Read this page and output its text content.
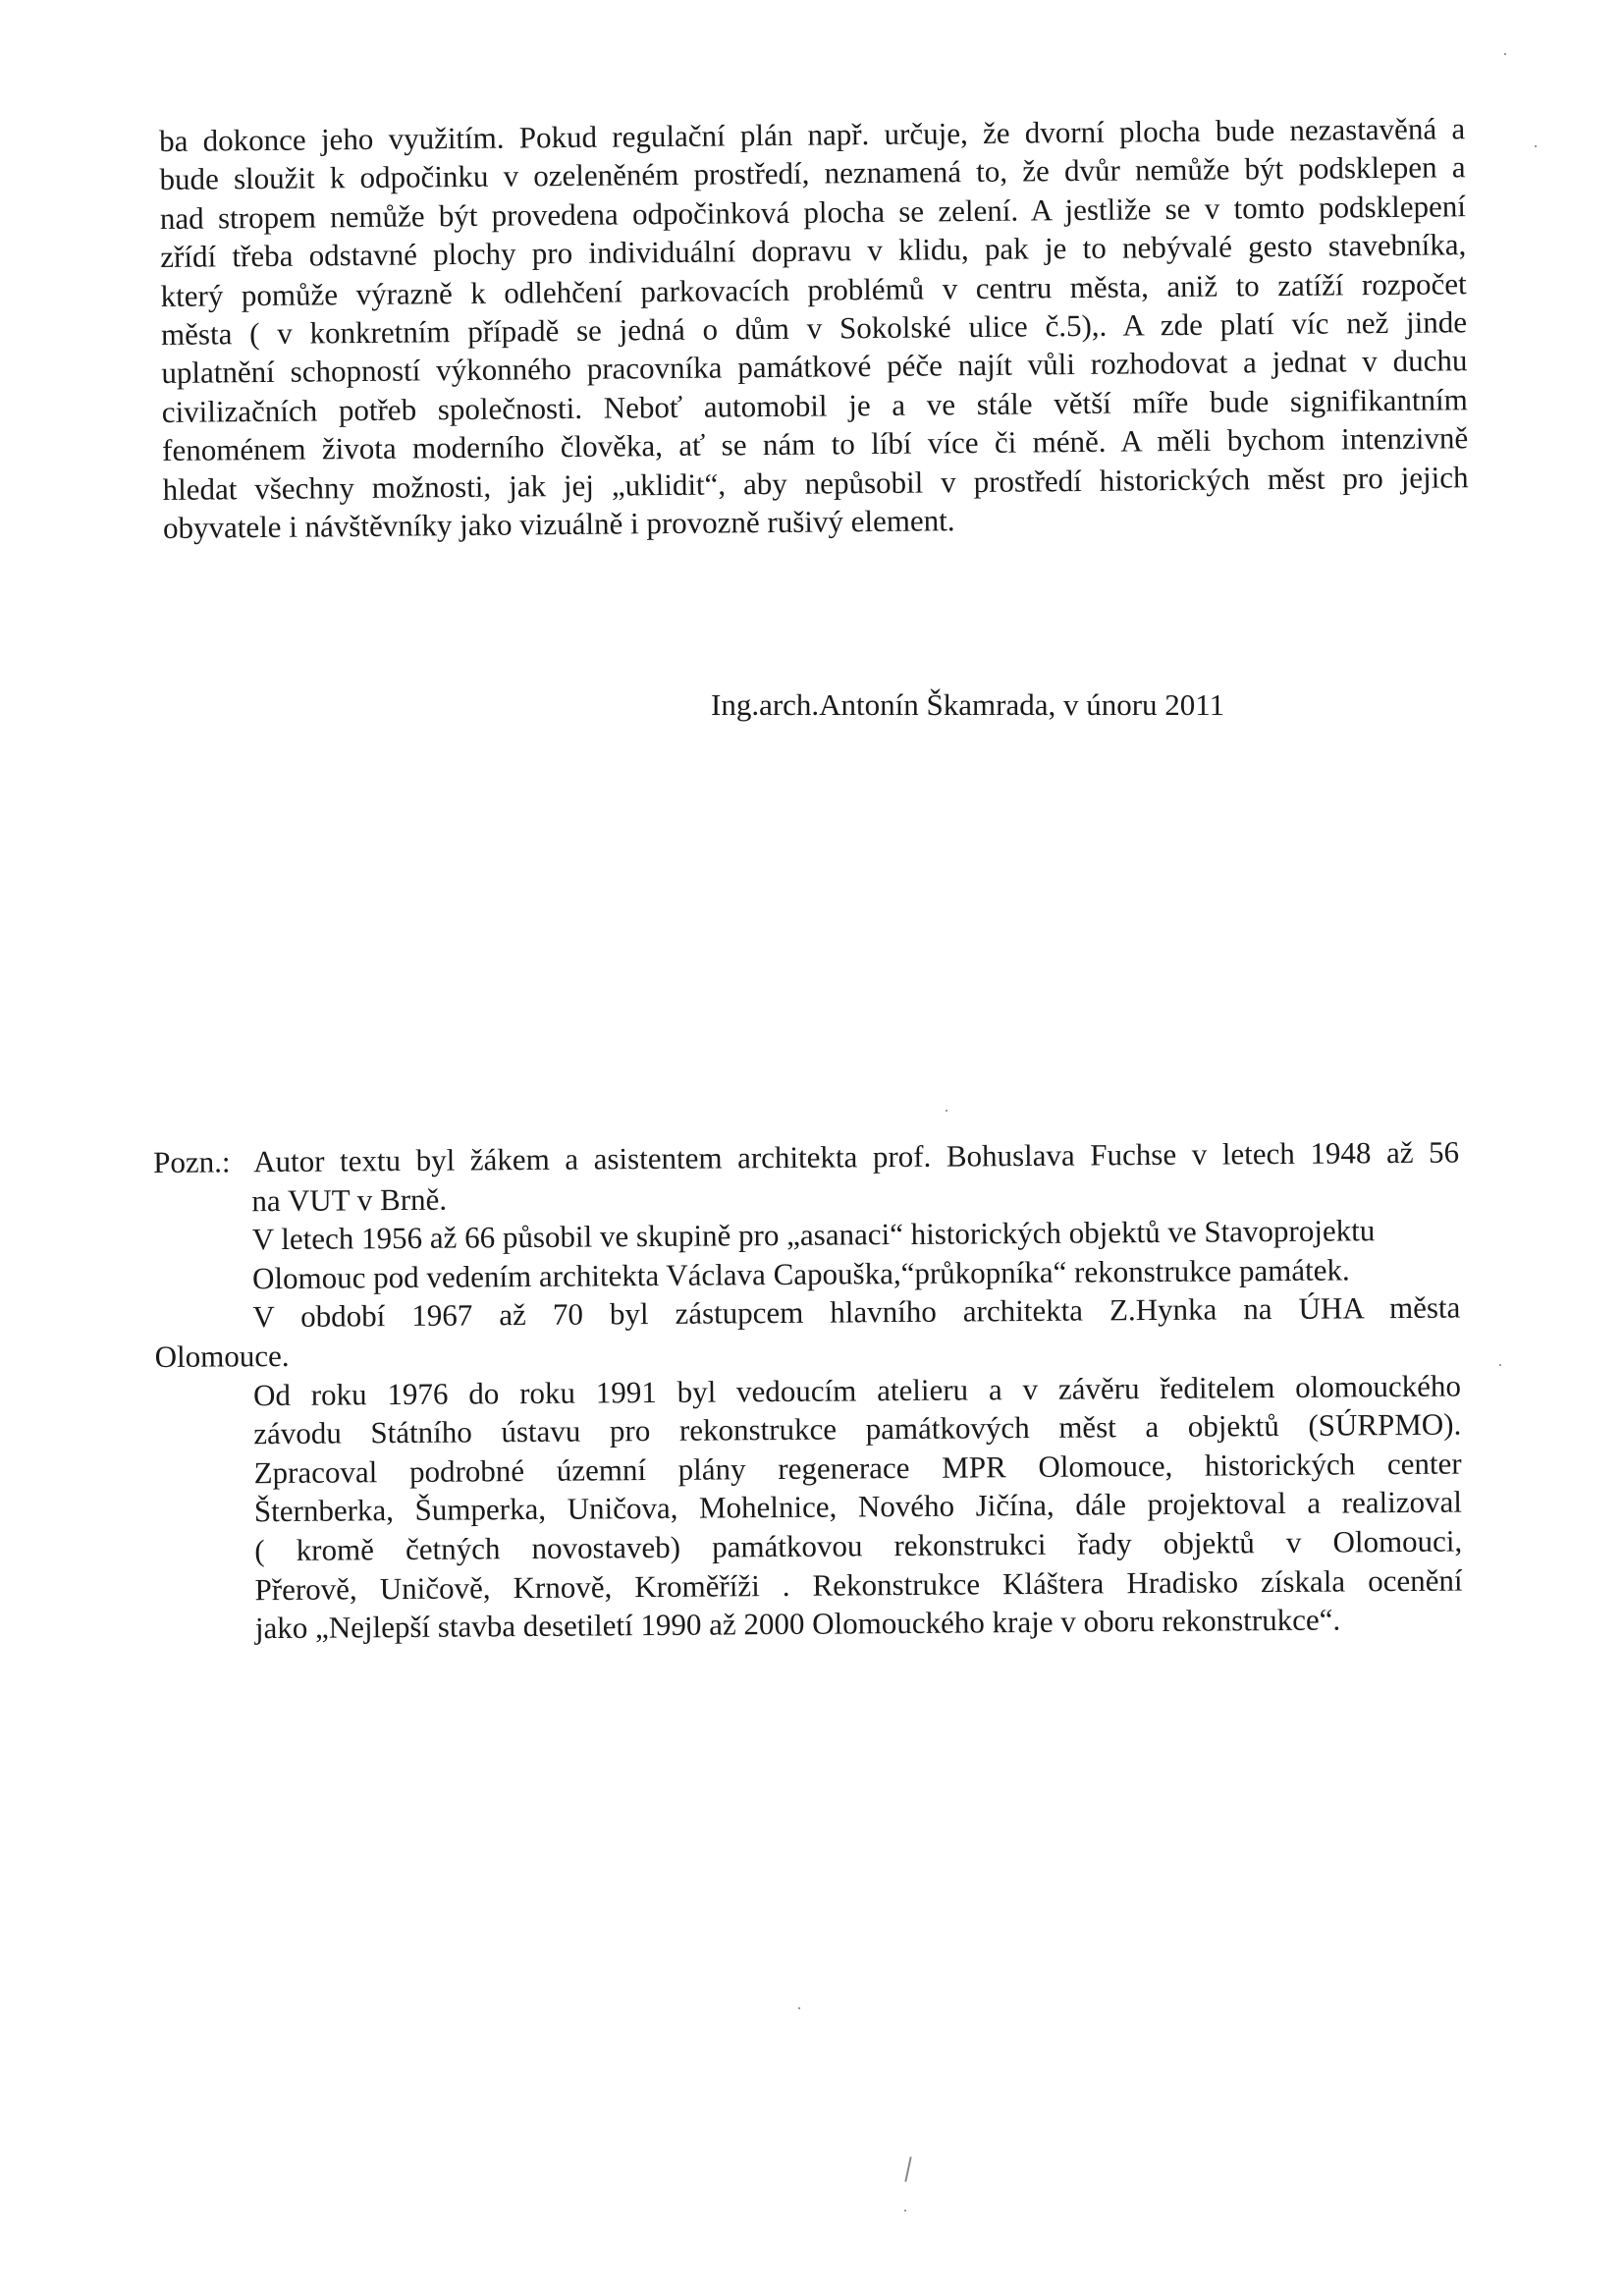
ba dokonce jeho využitím. Pokud regulační plán např. určuje, že dvorní plocha bude nezastavěná a
bude sloužit k odpočinku v ozeleněném prostředí, neznamená to, že dvůr nemůže být podsklepen a
nad stropem nemůže být provedena odpočinková plocha se zelení. A jestliže se v tomto podsklepení
zřídí třeba odstavné plochy pro individuální dopravu v klidu, pak je to nebývalé gesto stavebníka,
který pomůže výrazně k odlehčení parkovacích problémů v centru města, aniž to zatíží rozpočet
města ( v konkretním případě se jedná o dům v Sokolské ulice č.5),. A zde platí víc než jinde
uplatnění schopností výkonného pracovníka památkové péče najít vůli rozhodovat a jednat v duchu
civilizačních potřeb společnosti. Neboť automobil je a ve stále větší míře bude signifikantním
fenoménem života moderního člověka, ať se nám to líbí více či méně. A měli bychom intenzivně
hledat všechny možnosti, jak jej „uklidit“, aby nepůsobil v prostředí historických měst pro jejich
obyvatele i návštěvníky jako vizuálně i provozně rušivý element.
Ing.arch.Antonín Škamrada, v únoru 2011
Pozn.: Autor textu byl žákem a asistentem architekta prof. Bohuslava Fuchse v letech 1948 až 56
na VUT v Brně.
V letech 1956 až 66 působil ve skupině pro „asanaci“ historických objektů ve Stavoprojektu
Olomouc pod vedením architekta Václava Capouška,“průkopníka“ rekonstrukce památek.
V období 1967 až 70 byl zástupcem hlavního architekta Z.Hynka na ÚHA města
Olomouce.
Od roku 1976 do roku 1991 byl vedoucím atelieru a v závěru ředitelem olomouckého
závodu Státního ústavu pro rekonstrukce památkových měst a objektů (SÚRPMO).
Zpracoval podrobné územní plány regenerace MPR Olomouce, historických center
Šternberka, Šumperka, Uničova, Mohelnice, Nového Jičína, dále projektoval a realizoval
( kromě četných novostaveb) památkovou rekonstrukci řady objektů v Olomouci,
Přerově, Uničově, Krnově, Kroměříži . Rekonstrukce Kláštera Hradisko získala ocenění
jako „Nejlepší stavba desetiletí 1990 až 2000 Olomouckého kraje v oboru rekonstrukce“.
